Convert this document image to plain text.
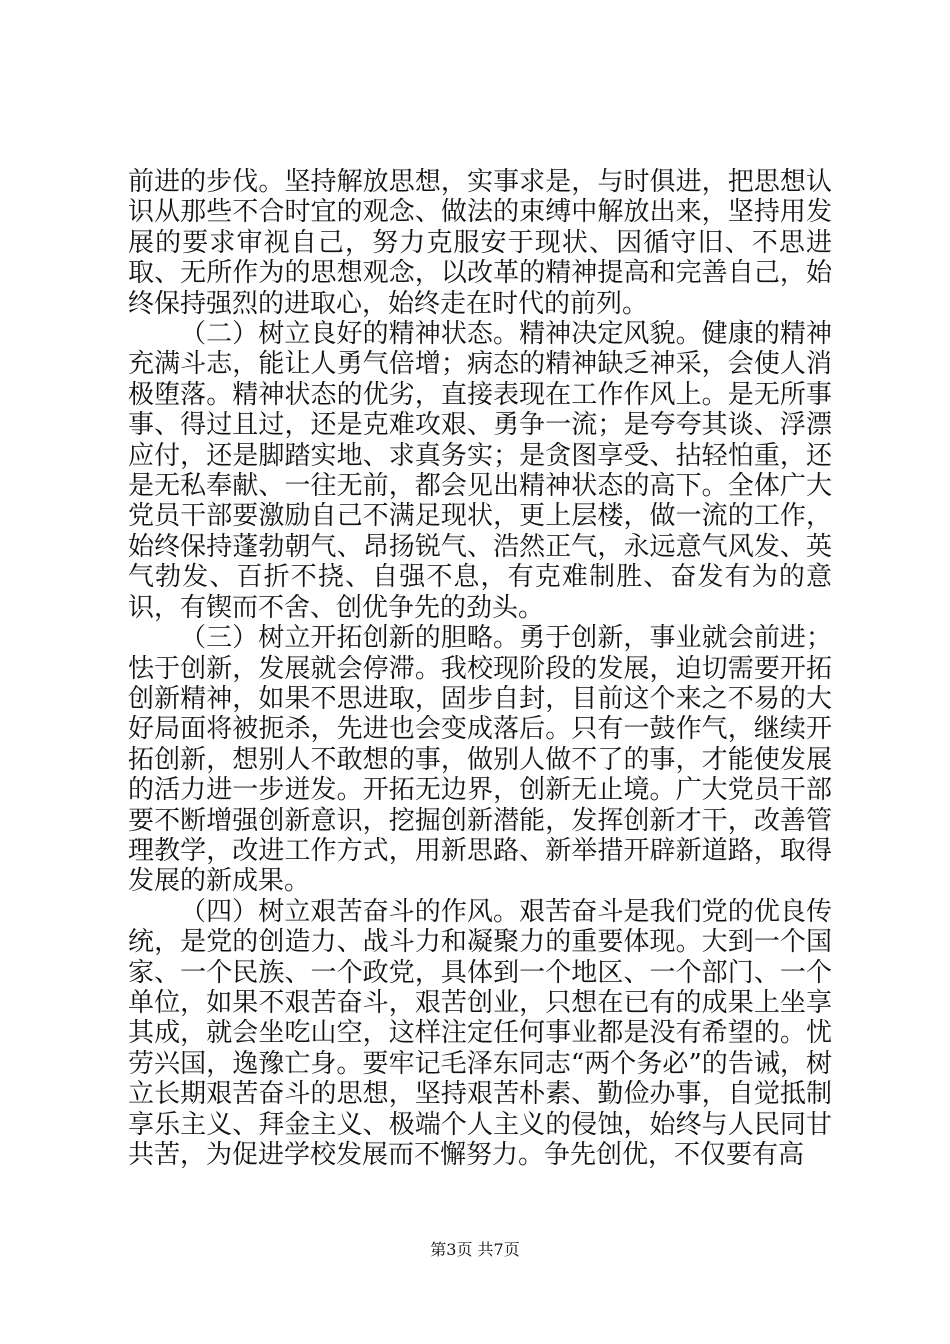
前进的步伐。坚持解放思想，实事求是，与时俱进，把思想认识从那些不合时宜的观念、做法的束缚中解放出来，坚持用发展的要求审视自己，努力克服安于现状、因循守旧、不思进取、无所作为的思想观念，以改革的精神提高和完善自己，始终保持强烈的进取心，始终走在时代的前列。

（二）树立良好的精神状态。精神决定风貌。健康的精神充满斗志，能让人勇气倍增；病态的精神缺乏神采，会使人消极堕落。精神状态的优劣，直接表现在工作作风上。是无所事事、得过且过，还是克难攻艰、勇争一流；是夸夸其谈、浮漂应付，还是脚踏实地、求真务实；是贪图享受、拈轻怕重，还是无私奉献、一往无前，都会见出精神状态的高下。全体广大党员干部要激励自己不满足现状，更上层楼，做一流的工作，始终保持蓬勃朝气、昂扬锐气、浩然正气，永远意气风发、英气勃发、百折不挠、自强不息，有克难制胜、奋发有为的意识，有锲而不舍、创优争先的劲头。

（三）树立开拓创新的胆略。勇于创新，事业就会前进；怯于创新，发展就会停滞。我校现阶段的发展，迫切需要开拓创新精神，如果不思进取，固步自封，目前这个来之不易的大好局面将被扼杀，先进也会变成落后。只有一鼓作气，继续开拓创新，想别人不敢想的事，做别人做不了的事，才能使发展的活力进一步迸发。开拓无边界，创新无止境。广大党员干部要不断增强创新意识，挖掘创新潜能，发挥创新才干，改善管理教学，改进工作方式，用新思路、新举措开辟新道路，取得发展的新成果。

（四）树立艰苦奋斗的作风。艰苦奋斗是我们党的优良传统，是党的创造力、战斗力和凝聚力的重要体现。大到一个国家、一个民族、一个政党，具体到一个地区、一个部门、一个单位，如果不艰苦奋斗，艰苦创业，只想在已有的成果上坐享其成，就会坐吃山空，这样注定任何事业都是没有希望的。忧劳兴国，逸豫亡身。要牢记毛泽东同志“两个务必”的告诫，树立长期艰苦奋斗的思想，坚持艰苦朴素、勤俭办事，自觉抵制享乐主义、拜金主义、极端个人主义的侵蚀，始终与人民同甘共苦，为促进学校发展而不懈努力。争先创优，不仅要有高

第3页 共7页
